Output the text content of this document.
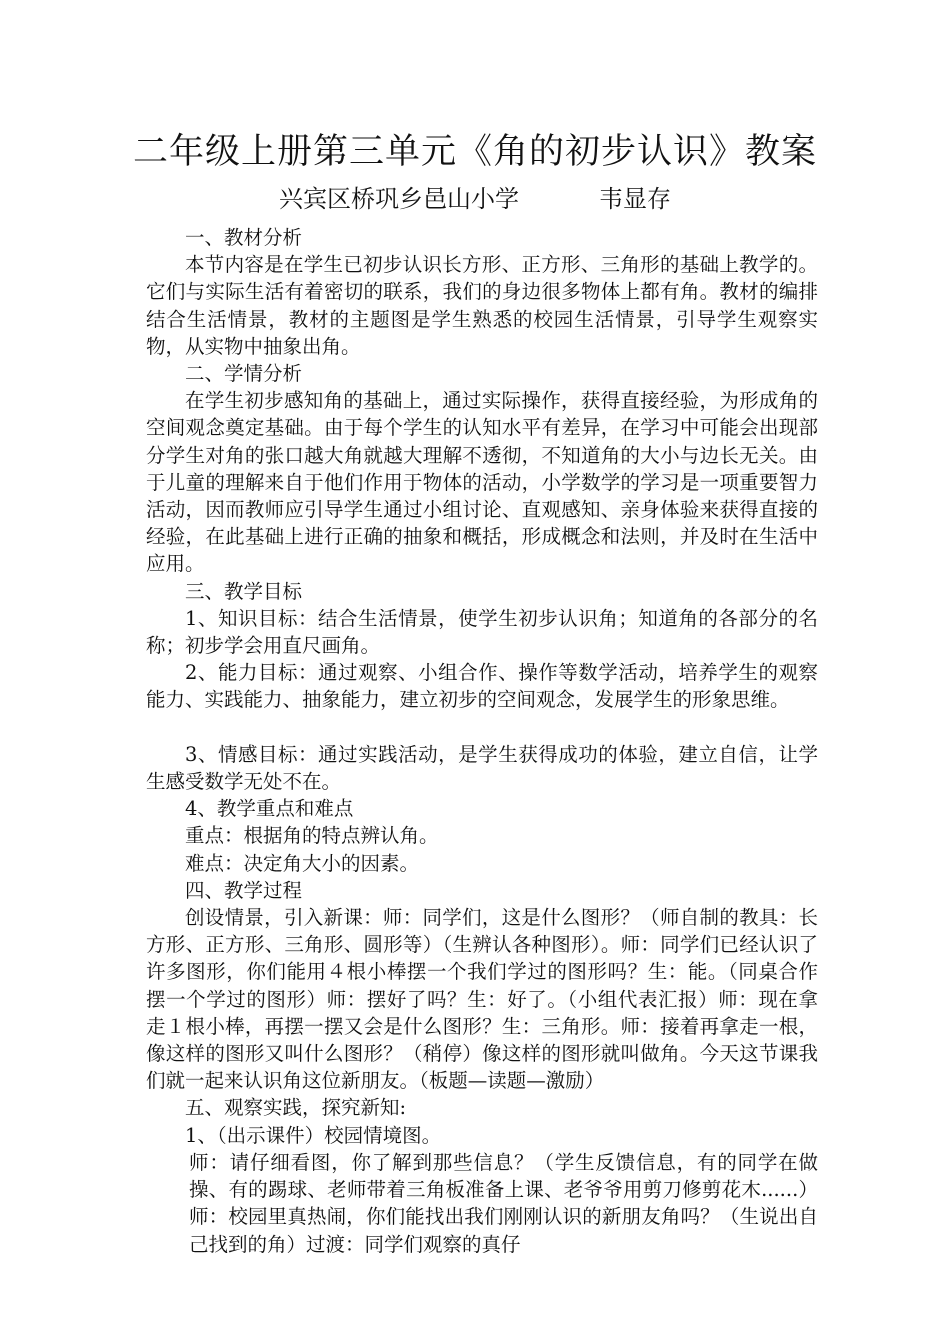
二年级上册第三单元《角的初步认识》教案
兴宾区桥巩乡邑山小学	韦显存

一、教材分析

本节内容是在学生已初步认识长方形、正方形、三角形的基础上教学的。它们与实际生活有着密切的联系，我们的身边很多物体上都有角。教材的编排结合生活情景，教材的主题图是学生熟悉的校园生活情景，引导学生观察实物，从实物中抽象出角。

二、学情分析

在学生初步感知角的基础上，通过实际操作，获得直接经验，为形成角的空间观念奠定基础。由于每个学生的认知水平有差异，在学习中可能会出现部分学生对角的张口越大角就越大理解不透彻，不知道角的大小与边长无关。由于儿童的理解来自于他们作用于物体的活动，小学数学的学习是一项重要智力活动，因而教师应引导学生通过小组讨论、直观感知、亲身体验来获得直接的经验，在此基础上进行正确的抽象和概括，形成概念和法则，并及时在生活中应用。

三、教学目标

1、知识目标：结合生活情景，使学生初步认识角；知道角的各部分的名称；初步学会用直尺画角。

2、能力目标：通过观察、小组合作、操作等数学活动，培养学生的观察能力、实践能力、抽象能力，建立初步的空间观念，发展学生的形象思维。

3、情感目标：通过实践活动，是学生获得成功的体验，建立自信，让学生感受数学无处不在。

4、教学重点和难点

重点：根据角的特点辨认角。

难点：决定角大小的因素。

四、教学过程

创设情景，引入新课：师：同学们，这是什么图形？（师自制的教具：长方形、正方形、三角形、圆形等）（生辨认各种图形）。师：同学们已经认识了许多图形，你们能用４根小棒摆一个我们学过的图形吗？生：能。（同桌合作摆一个学过的图形）师：摆好了吗？生：好了。（小组代表汇报）师：现在拿走１根小棒，再摆一摆又会是什么图形？生：三角形。师：接着再拿走一根，像这样的图形又叫什么图形？（稍停）像这样的图形就叫做角。今天这节课我们就一起来认识角这位新朋友。（板题—读题—激励）

五、观察实践，探究新知:

1、（出示课件）校园情境图。

师：请仔细看图，你了解到那些信息？（学生反馈信息，有的同学在做操、有的踢球、老师带着三角板准备上课、老爷爷用剪刀修剪花木......）师：校园里真热闹，你们能找出我们刚刚认识的新朋友角吗？（生说出自己找到的角）过渡：同学们观察的真仔
